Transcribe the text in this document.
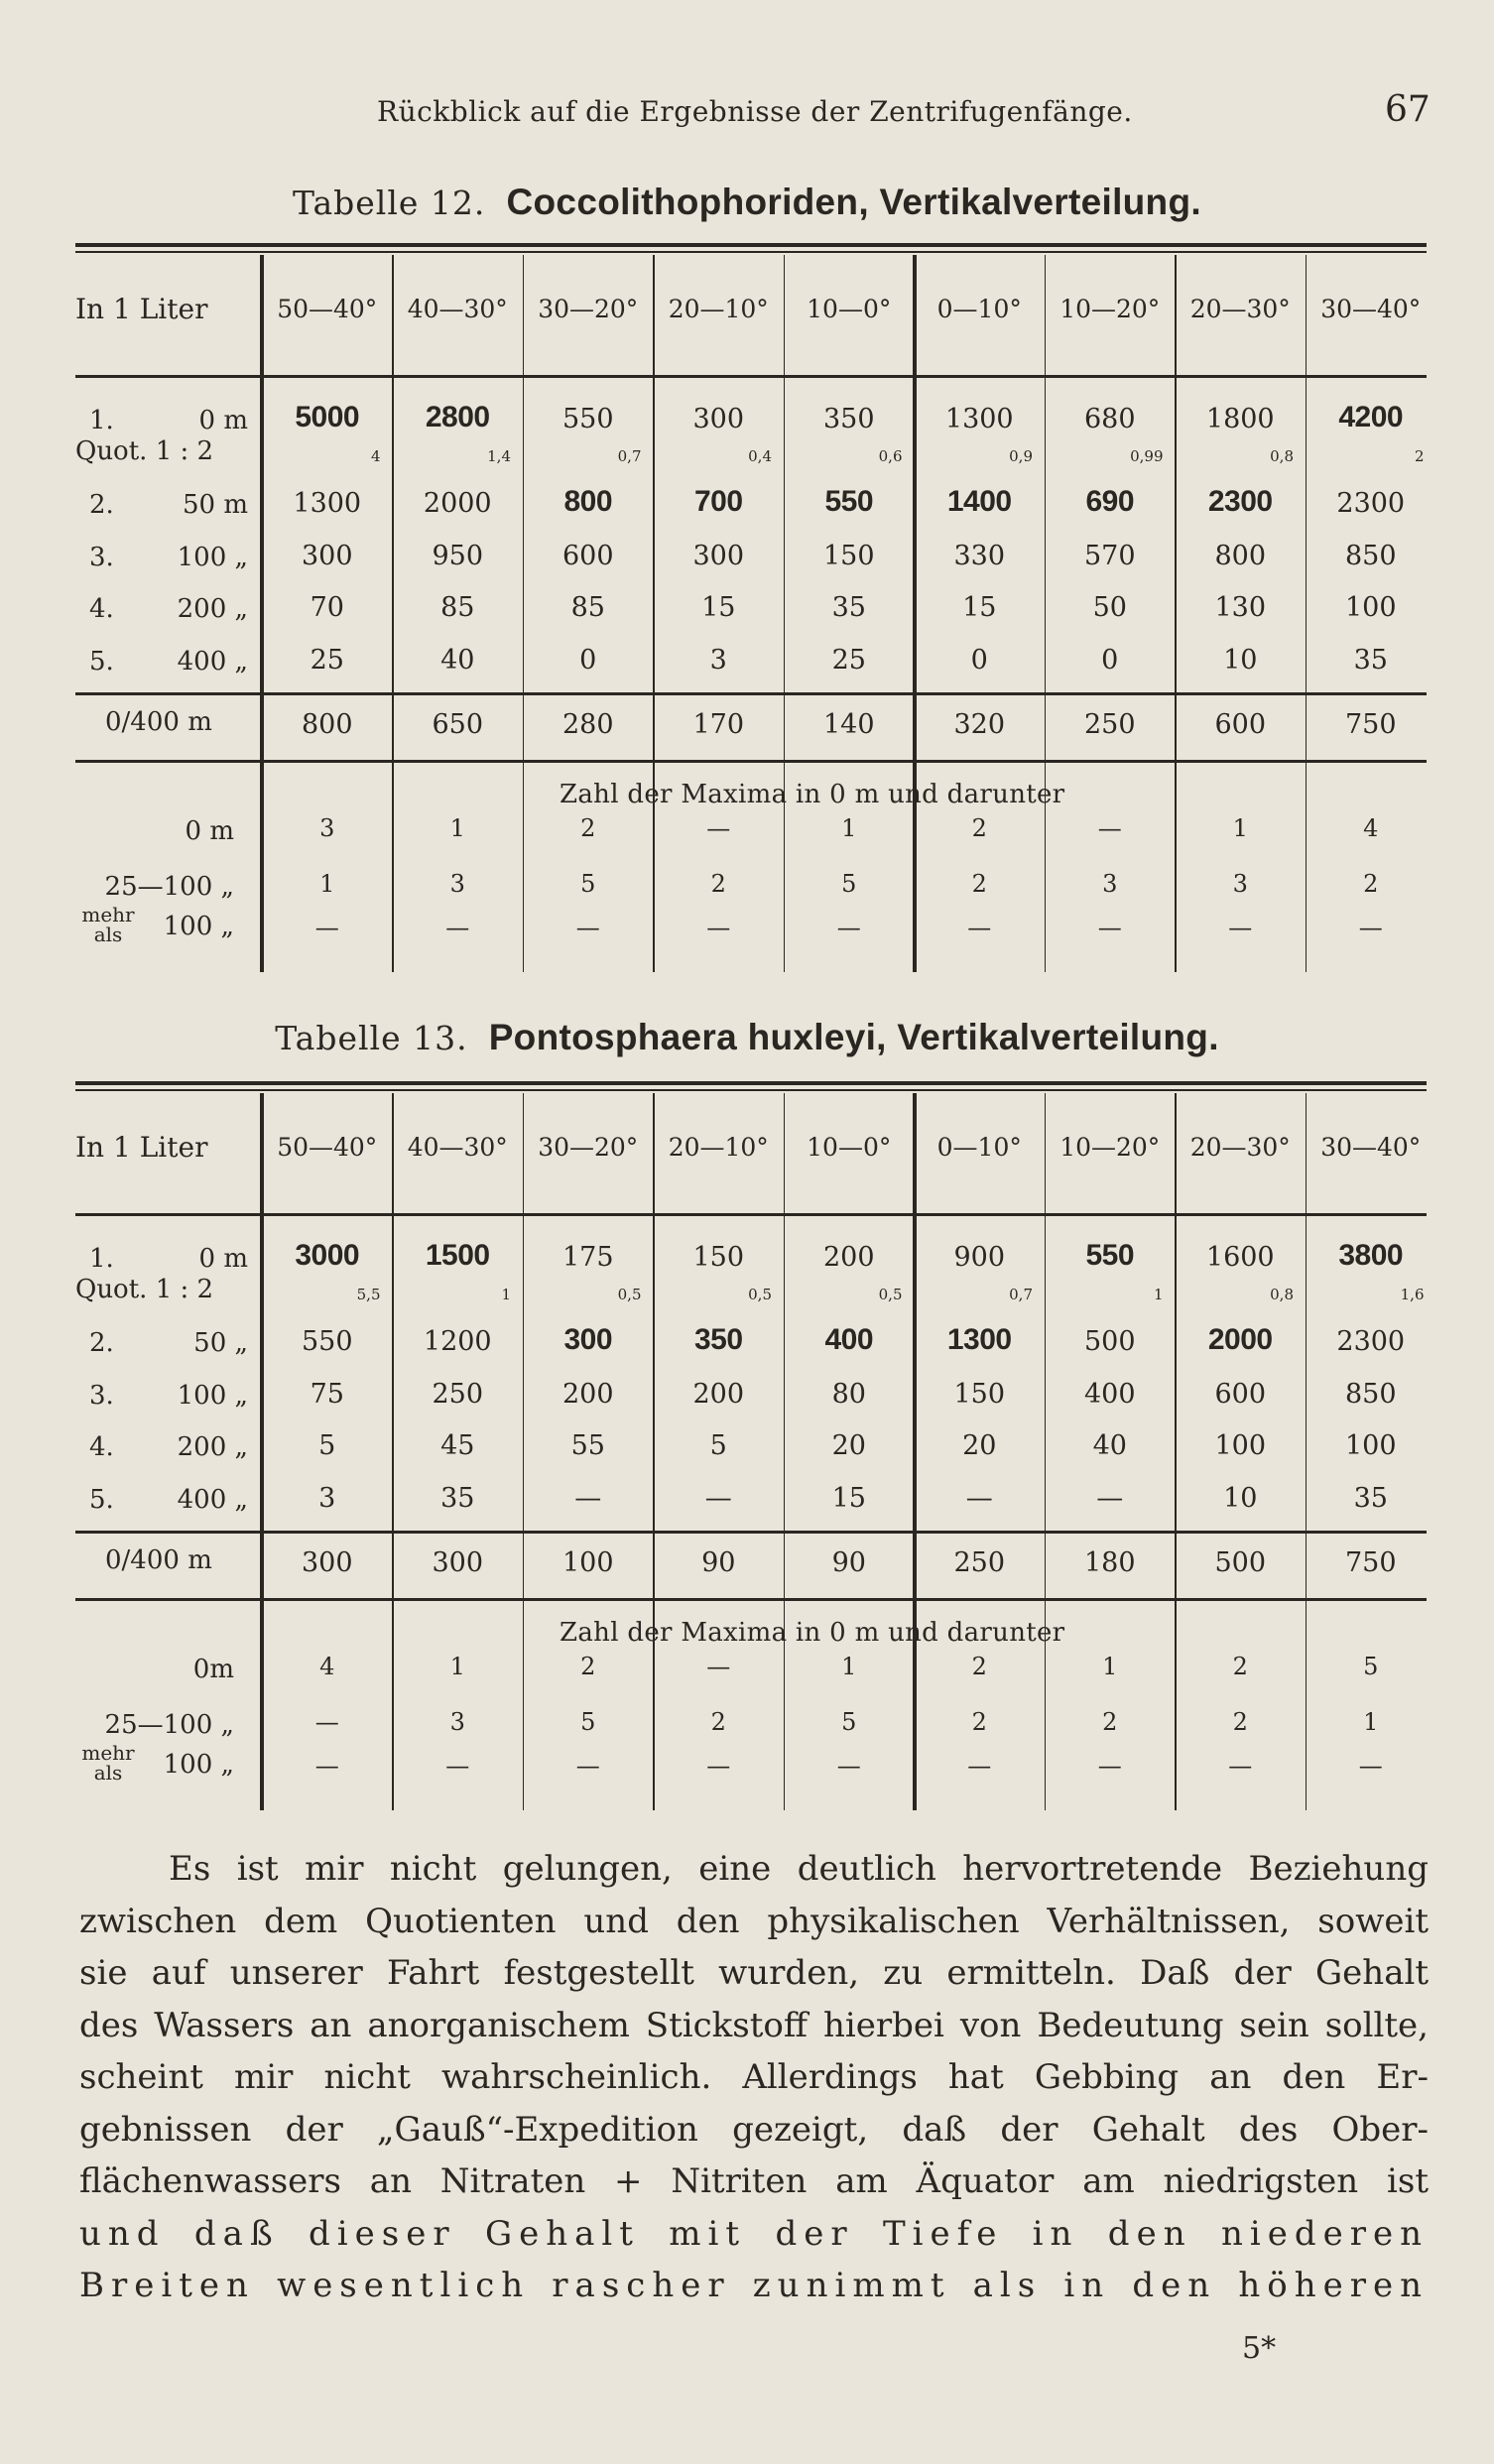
Rückblick auf die Ergebnisse der Zentrifugenfänge.	67
Tabelle 12. Coccolithophoriden, Vertikalverteilung.
In 1 Liter	50—40°	40—30°	30—20°	20—10°	10—0°	0—10°	10—20°	20—30°	30—40°
1.	0 m	5000	2800	550	300	350	1300	680	1800	4200
2.	50 m	1300	2000	800	700	550	1400	690	2300	2300
3.	100 „	300	950	600	300	150	330	570	800	850
4.	200 „	70	85	85	15	35	15	50	130	100
5.	400 „	25	40	0	3	25	0	0	10	35
Quot. 1 : 2	4	1,4	0,7	0,4	0,6	0,9	0,99	0,8	2
0/400 m	800	650	280	170	140	320	250	600	750
Zahl der Maxima in 0 m und darunter
0 m	3	1	2	—	1	2	—	1	4
25—100 „	1	3	5	2	5	2	3	3	2
mehr
als	100 „	—	—	—	—	—	—	—	—	—
Tabelle 13. Pontosphaera huxleyi, Vertikalverteilung.
In 1 Liter	50—40°	40—30°	30—20°	20—10°	10—0°	0—10°	10—20°	20—30°	30—40°
1.	0 m	3000	1500	175	150	200	900	550	1600	3800
2.	50 „	550	1200	300	350	400	1300	500	2000	2300
3.	100 „	75	250	200	200	80	150	400	600	850
4.	200 „	5	45	55	5	20	20	40	100	100
5.	400 „	3	35	—	—	15	—	—	10	35
Quot. 1 : 2	5,5	1	0,5	0,5	0,5	0,7	1	0,8	1,6
0/400 m	300	300	100	90	90	250	180	500	750
Zahl der Maxima in 0 m und darunter
0m	4	1	2	—	1	2	1	2	5
25—100 „	—	3	5	2	5	2	2	2	1
mehr
als	100 „	—	—	—	—	—	—	—	—	—
Es ist mir nicht gelungen, eine deutlich hervortretende Beziehung
zwischen dem Quotienten und den physikalischen Verhältnissen, soweit
sie auf unserer Fahrt festgestellt wurden, zu ermitteln. Daß der Gehalt
des Wassers an anorganischem Stickstoff hierbei von Bedeutung sein sollte,
scheint mir nicht wahrscheinlich. Allerdings hat Gebbing an den Er-
gebnissen der „Gauß“-Expedition gezeigt, daß der Gehalt des Ober-
flächenwassers an Nitraten + Nitriten am Äquator am niedrigsten ist
und daß dieser Gehalt mit der Tiefe in den niederen
Breiten wesentlich rascher zunimmt als in den höheren
5*
